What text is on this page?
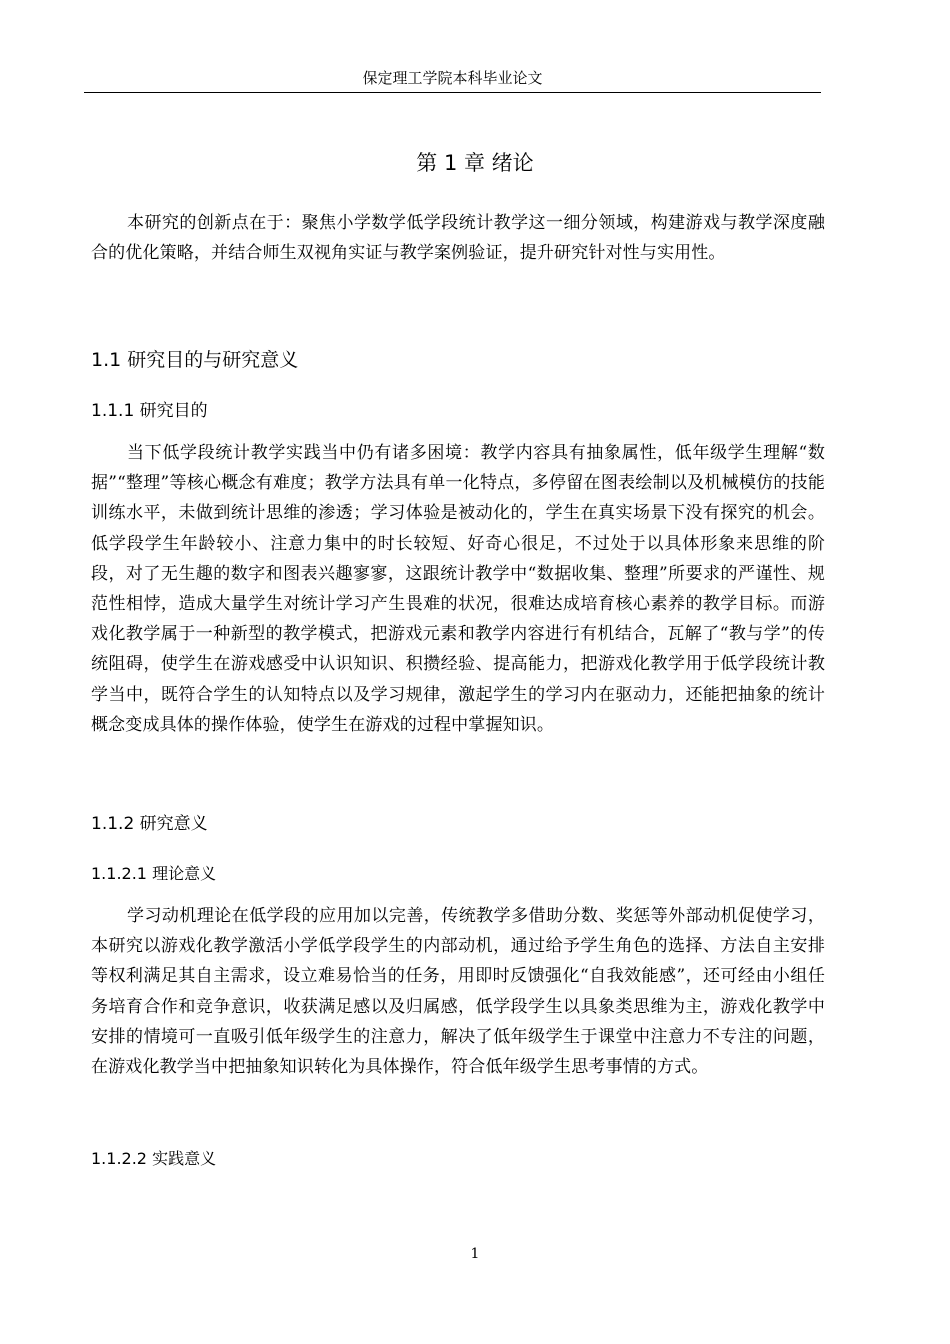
保定理工学院本科毕业论文
第 1 章 绪论

本研究的创新点在于：聚焦小学数学低学段统计教学这一细分领域，构建游戏与教学深度融合的优化策略，并结合师生双视角实证与教学案例验证，提升研究针对性与实用性。

1.1 研究目的与研究意义
1.1.1 研究目的

当下低学段统计教学实践当中仍有诸多困境：教学内容具有抽象属性，低年级学生理解“数据”“整理”等核心概念有难度；教学方法具有单一化特点，多停留在图表绘制以及机械模仿的技能训练水平，未做到统计思维的渗透；学习体验是被动化的，学生在真实场景下没有探究的机会。低学段学生年龄较小、注意力集中的时长较短、好奇心很足，不过处于以具体形象来思维的阶段，对了无生趣的数字和图表兴趣寥寥，这跟统计教学中“数据收集、整理”所要求的严谨性、规范性相悖，造成大量学生对统计学习产生畏难的状况，很难达成培育核心素养的教学目标。而游戏化教学属于一种新型的教学模式，把游戏元素和教学内容进行有机结合，瓦解了“教与学”的传统阻碍，使学生在游戏感受中认识知识、积攒经验、提高能力，把游戏化教学用于低学段统计教学当中，既符合学生的认知特点以及学习规律，激起学生的学习内在驱动力，还能把抽象的统计概念变成具体的操作体验，使学生在游戏的过程中掌握知识。

1.1.2 研究意义
1.1.2.1 理论意义

学习动机理论在低学段的应用加以完善，传统教学多借助分数、奖惩等外部动机促使学习，本研究以游戏化教学激活小学低学段学生的内部动机，通过给予学生角色的选择、方法自主安排等权利满足其自主需求，设立难易恰当的任务，用即时反馈强化“自我效能感”，还可经由小组任务培育合作和竞争意识，收获满足感以及归属感，低学段学生以具象类思维为主，游戏化教学中安排的情境可一直吸引低年级学生的注意力，解决了低年级学生于课堂中注意力不专注的问题，在游戏化教学当中把抽象知识转化为具体操作，符合低年级学生思考事情的方式。

1.1.2.2 实践意义
1
